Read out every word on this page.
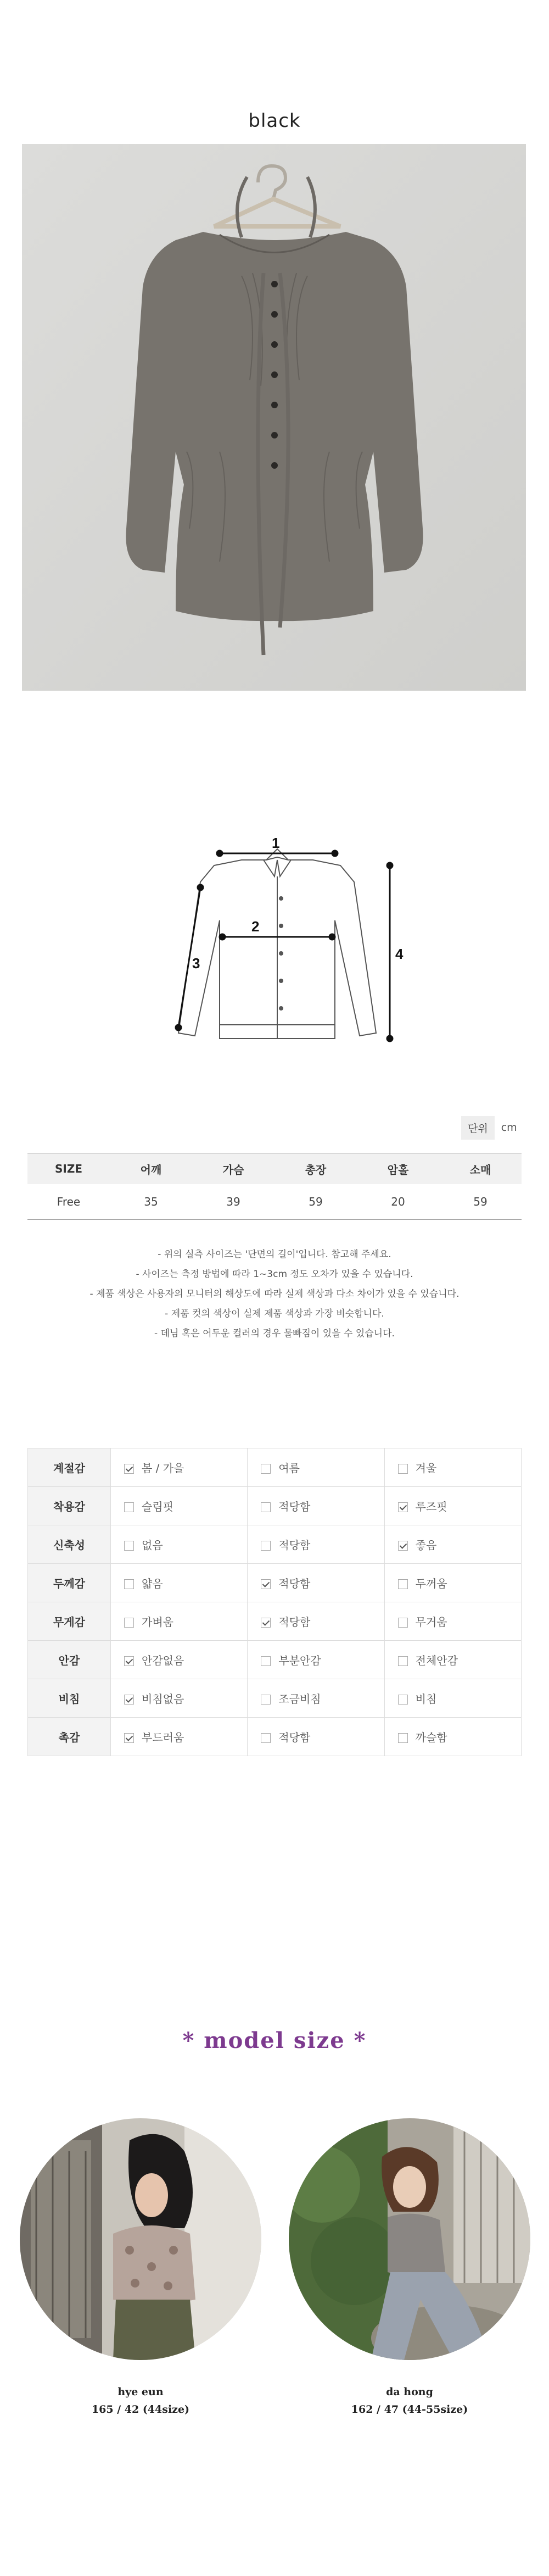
black
1
2
3
4
단위	cm
SIZE	어깨	가슴	총장	암홀	소매
Free	35	39	59	20	59
- 위의 실측 사이즈는 '단면의 길이'입니다. 참고해 주세요.
- 사이즈는 측정 방법에 따라 1~3cm 정도 오차가 있을 수 있습니다.
- 제품 색상은 사용자의 모니터의 해상도에 따라 실제 색상과 다소 차이가 있을 수 있습니다.
- 제품 컷의 색상이 실제 제품 색상과 가장 비슷합니다.
- 데님 혹은 어두운 컬러의 경우 물빠짐이 있을 수 있습니다.
계절감	봄 / 가을	여름	겨울
착용감	슬림핏	적당함	루즈핏
신축성	없음	적당함	좋음
두께감	얇음	적당함	두꺼움
무게감	가벼움	적당함	무거움
안감	안감없음	부분안감	전체안감
비침	비침없음	조금비침	비침
촉감	부드러움	적당함	까슬함
* model size *
hye eun
165 / 42 (44size)
da hong
162 / 47 (44-55size)
